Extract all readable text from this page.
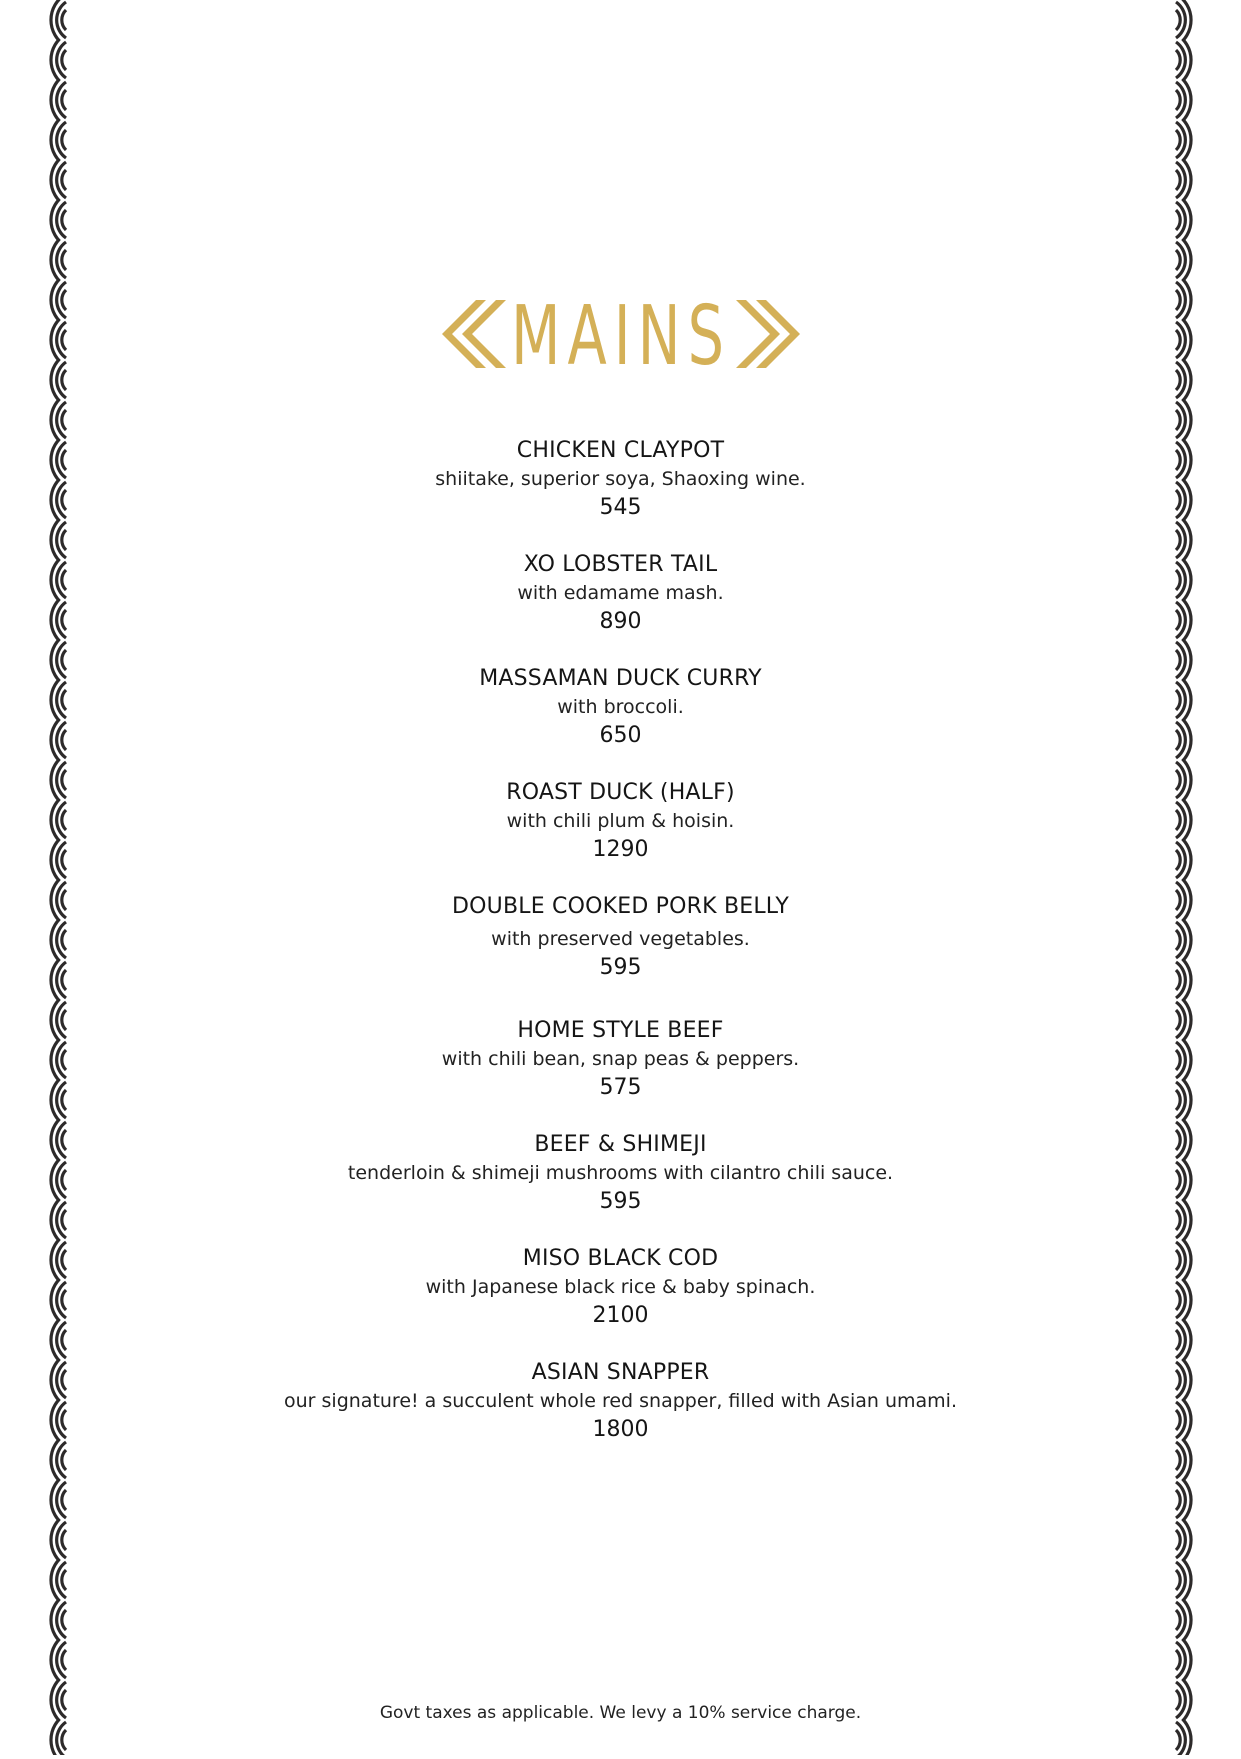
MAINS
CHICKEN CLAYPOT
shiitake, superior soya, Shaoxing wine.
545
XO LOBSTER TAIL
with edamame mash.
890
MASSAMAN DUCK CURRY
with broccoli.
650
ROAST DUCK (HALF)
with chili plum & hoisin.
1290
DOUBLE COOKED PORK BELLY
with preserved vegetables.
595
HOME STYLE BEEF
with chili bean, snap peas & peppers.
575
BEEF & SHIMEJI
tenderloin & shimeji mushrooms with cilantro chili sauce.
595
MISO BLACK COD
with Japanese black rice & baby spinach.
2100
ASIAN SNAPPER
our signature! a succulent whole red snapper, filled with Asian umami.
1800
Govt taxes as applicable. We levy a 10% service charge.
